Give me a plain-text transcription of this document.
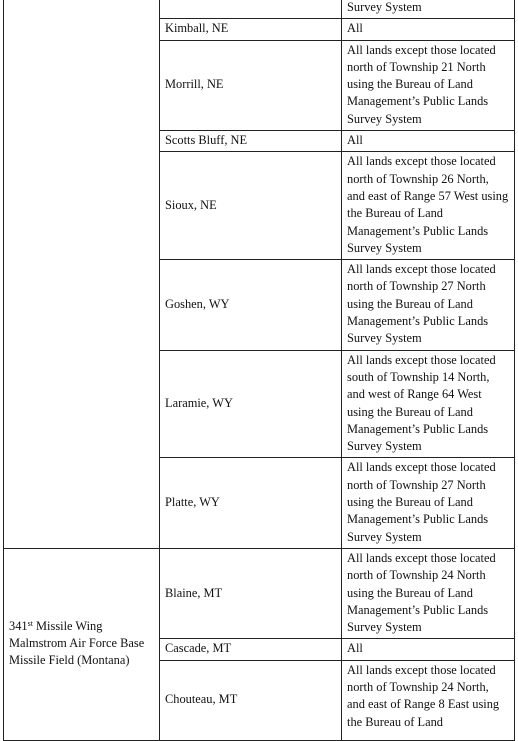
		Survey System
	Kimball, NE	All
	Morrill, NE	All lands except those located north of Township 21 North using the Bureau of Land Management’s Public Lands Survey System
	Scotts Bluff, NE	All
	Sioux, NE	All lands except those located north of Township 26 North, and east of Range 57 West using the Bureau of Land Management’s Public Lands Survey System
	Goshen, WY	All lands except those located north of Township 27 North using the Bureau of Land Management’s Public Lands Survey System
	Laramie, WY	All lands except those located south of Township 14 North, and west of Range 64 West using the Bureau of Land Management’s Public Lands Survey System
	Platte, WY	All lands except those located north of Township 27 North using the Bureau of Land Management’s Public Lands Survey System

341st Missile Wing
Malmstrom Air Force Base
Missile Field (Montana)	Blaine, MT	All lands except those located north of Township 24 North using the Bureau of Land Management’s Public Lands Survey System
	Cascade, MT	All
	Chouteau, MT	All lands except those located north of Township 24 North, and east of Range 8 East using the Bureau of Land
